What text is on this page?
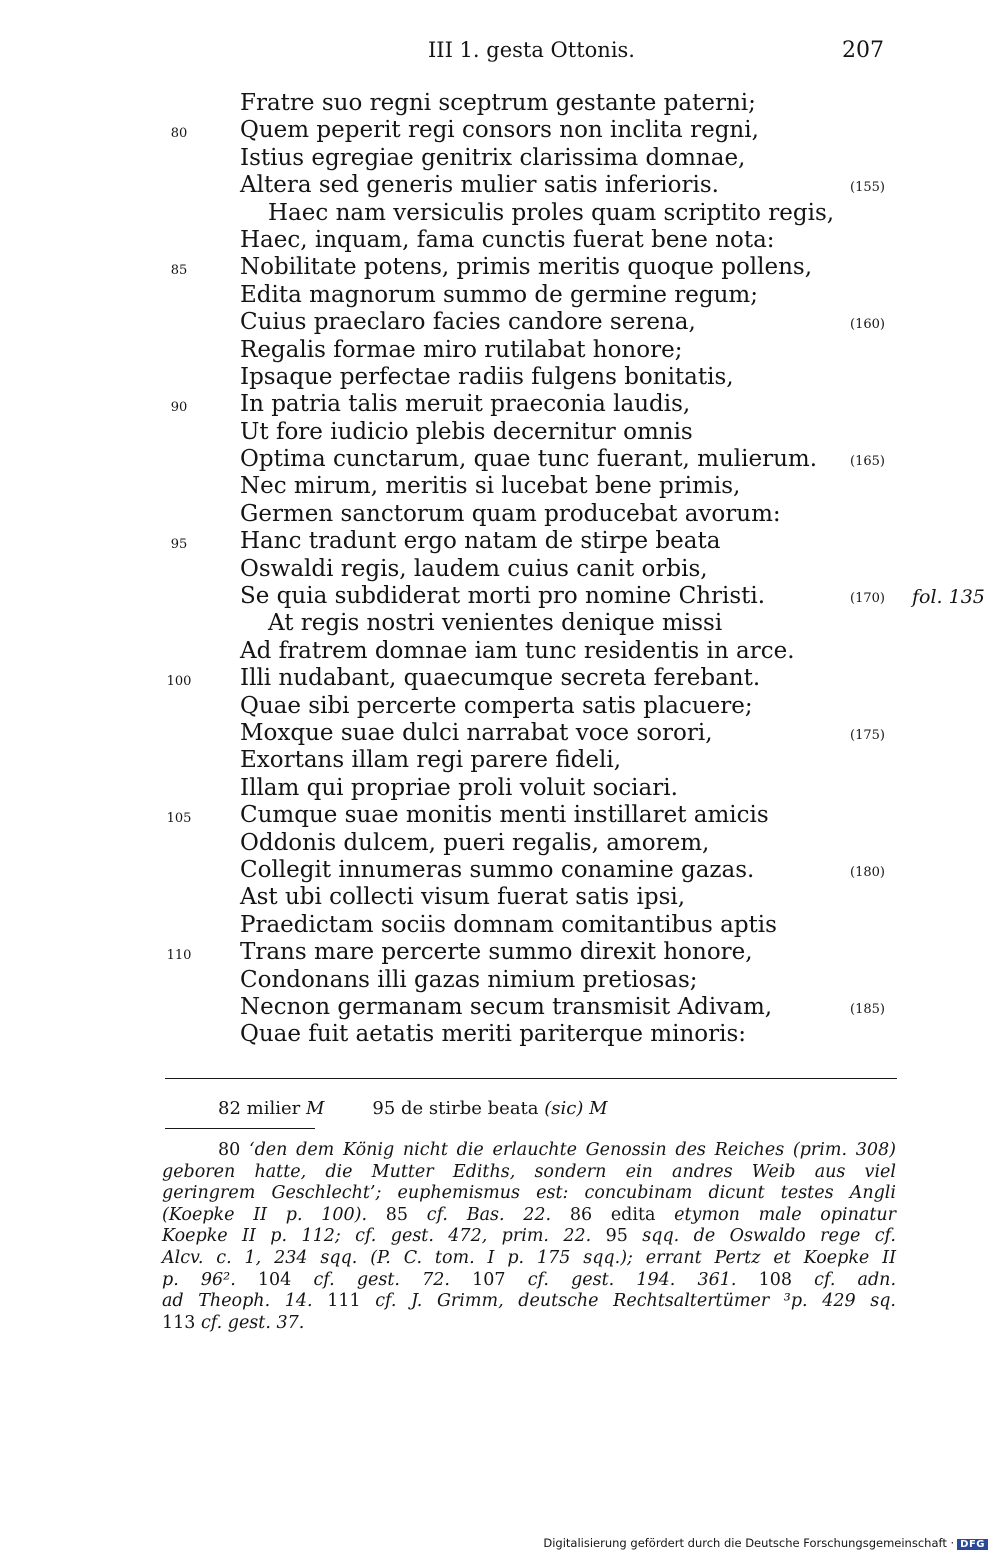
III 1. gesta Ottonis.	207
Fratre suo regni sceptrum gestante paterni;
80	Quem peperit regi consors non inclita regni,
Istius egregiae genitrix clarissima domnae,
Altera sed generis mulier satis inferioris.	(155)
Haec nam versiculis proles quam scriptito regis,
Haec, inquam, fama cunctis fuerat bene nota:
85	Nobilitate potens, primis meritis quoque pollens,
Edita magnorum summo de germine regum;
Cuius praeclaro facies candore serena,	(160)
Regalis formae miro rutilabat honore;
Ipsaque perfectae radiis fulgens bonitatis,
90	In patria talis meruit praeconia laudis,
Ut fore iudicio plebis decernitur omnis
Optima cunctarum, quae tunc fuerant, mulierum.	(165)
Nec mirum, meritis si lucebat bene primis,
Germen sanctorum quam producebat avorum:
95	Hanc tradunt ergo natam de stirpe beata
Oswaldi regis, laudem cuius canit orbis,
Se quia subdiderat morti pro nomine Christi.	(170) fol. 135
At regis nostri venientes denique missi
Ad fratrem domnae iam tunc residentis in arce.
100	Illi nudabant, quaecumque secreta ferebant.
Quae sibi percerte comperta satis placuere;
Moxque suae dulci narrabat voce sorori,	(175)
Exortans illam regi parere fideli,
Illam qui propriae proli voluit sociari.
105	Cumque suae monitis menti instillaret amicis
Oddonis dulcem, pueri regalis, amorem,
Collegit innumeras summo conamine gazas.	(180)
Ast ubi collecti visum fuerat satis ipsi,
Praedictam sociis domnam comitantibus aptis
110	Trans mare percerte summo direxit honore,
Condonans illi gazas nimium pretiosas;
Necnon germanam secum transmisit Adivam,	(185)
Quae fuit aetatis meriti pariterque minoris:
82 milier M	95 de stirbe beata (sic) M
80 ‘den dem König nicht die erlauchte Genossin des Reiches (prim. 308)
geboren hatte, die Mutter Ediths, sondern ein andres Weib aus viel
geringrem Geschlecht’; euphemismus est: concubinam dicunt testes Angli
(Koepke II p. 100). 85 cf. Bas. 22. 86 edita etymon male opinatur
Koepke II p. 112; cf. gest. 472, prim. 22. 95 sqq. de Oswaldo rege cf.
Alcv. c. 1, 234 sqq. (P. C. tom. I p. 175 sqq.); errant Pertz et Koepke II
p. 96². 104 cf. gest. 72. 107 cf. gest. 194. 361. 108 cf. adn.
ad Theoph. 14. 111 cf. J. Grimm, deutsche Rechtsaltertümer ³p. 429 sq.
113 cf. gest. 37.
Digitalisierung gefördert durch die Deutsche Forschungsgemeinschaft · DFG
